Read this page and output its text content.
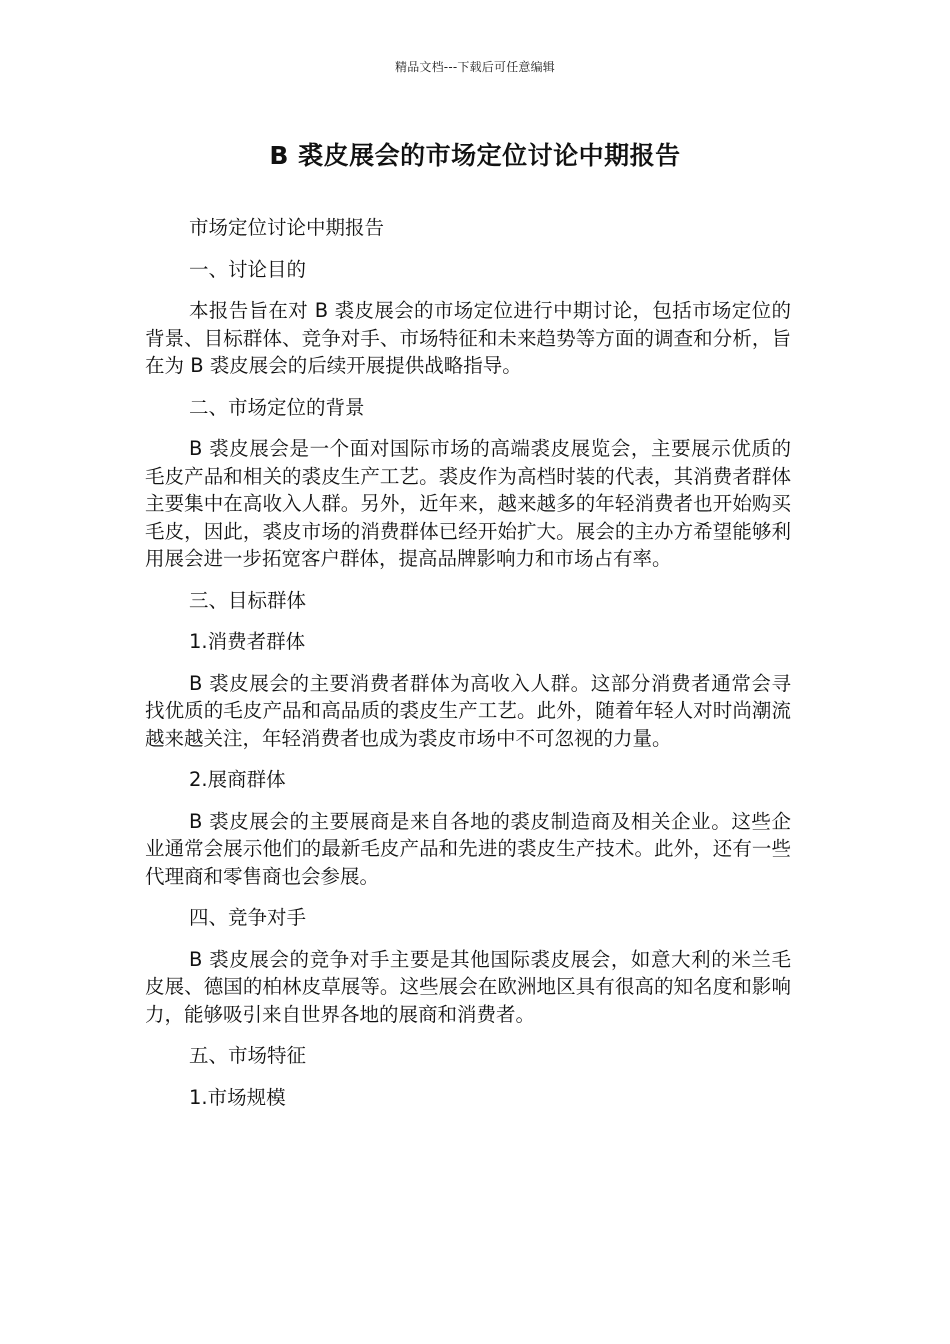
精品文档---下载后可任意编辑
B 裘皮展会的市场定位讨论中期报告

市场定位讨论中期报告

一、讨论目的

本报告旨在对 B 裘皮展会的市场定位进行中期讨论，包括市场定位的背景、目标群体、竞争对手、市场特征和未来趋势等方面的调查和分析，旨在为 B 裘皮展会的后续开展提供战略指导。

二、市场定位的背景

B 裘皮展会是一个面对国际市场的高端裘皮展览会，主要展示优质的毛皮产品和相关的裘皮生产工艺。裘皮作为高档时装的代表，其消费者群体主要集中在高收入人群。另外，近年来，越来越多的年轻消费者也开始购买毛皮，因此，裘皮市场的消费群体已经开始扩大。展会的主办方希望能够利用展会进一步拓宽客户群体，提高品牌影响力和市场占有率。

三、目标群体

1.消费者群体

B 裘皮展会的主要消费者群体为高收入人群。这部分消费者通常会寻找优质的毛皮产品和高品质的裘皮生产工艺。此外，随着年轻人对时尚潮流越来越关注，年轻消费者也成为裘皮市场中不可忽视的力量。

2.展商群体

B 裘皮展会的主要展商是来自各地的裘皮制造商及相关企业。这些企业通常会展示他们的最新毛皮产品和先进的裘皮生产技术。此外，还有一些代理商和零售商也会参展。

四、竞争对手

B 裘皮展会的竞争对手主要是其他国际裘皮展会，如意大利的米兰毛皮展、德国的柏林皮草展等。这些展会在欧洲地区具有很高的知名度和影响力，能够吸引来自世界各地的展商和消费者。

五、市场特征

1.市场规模
